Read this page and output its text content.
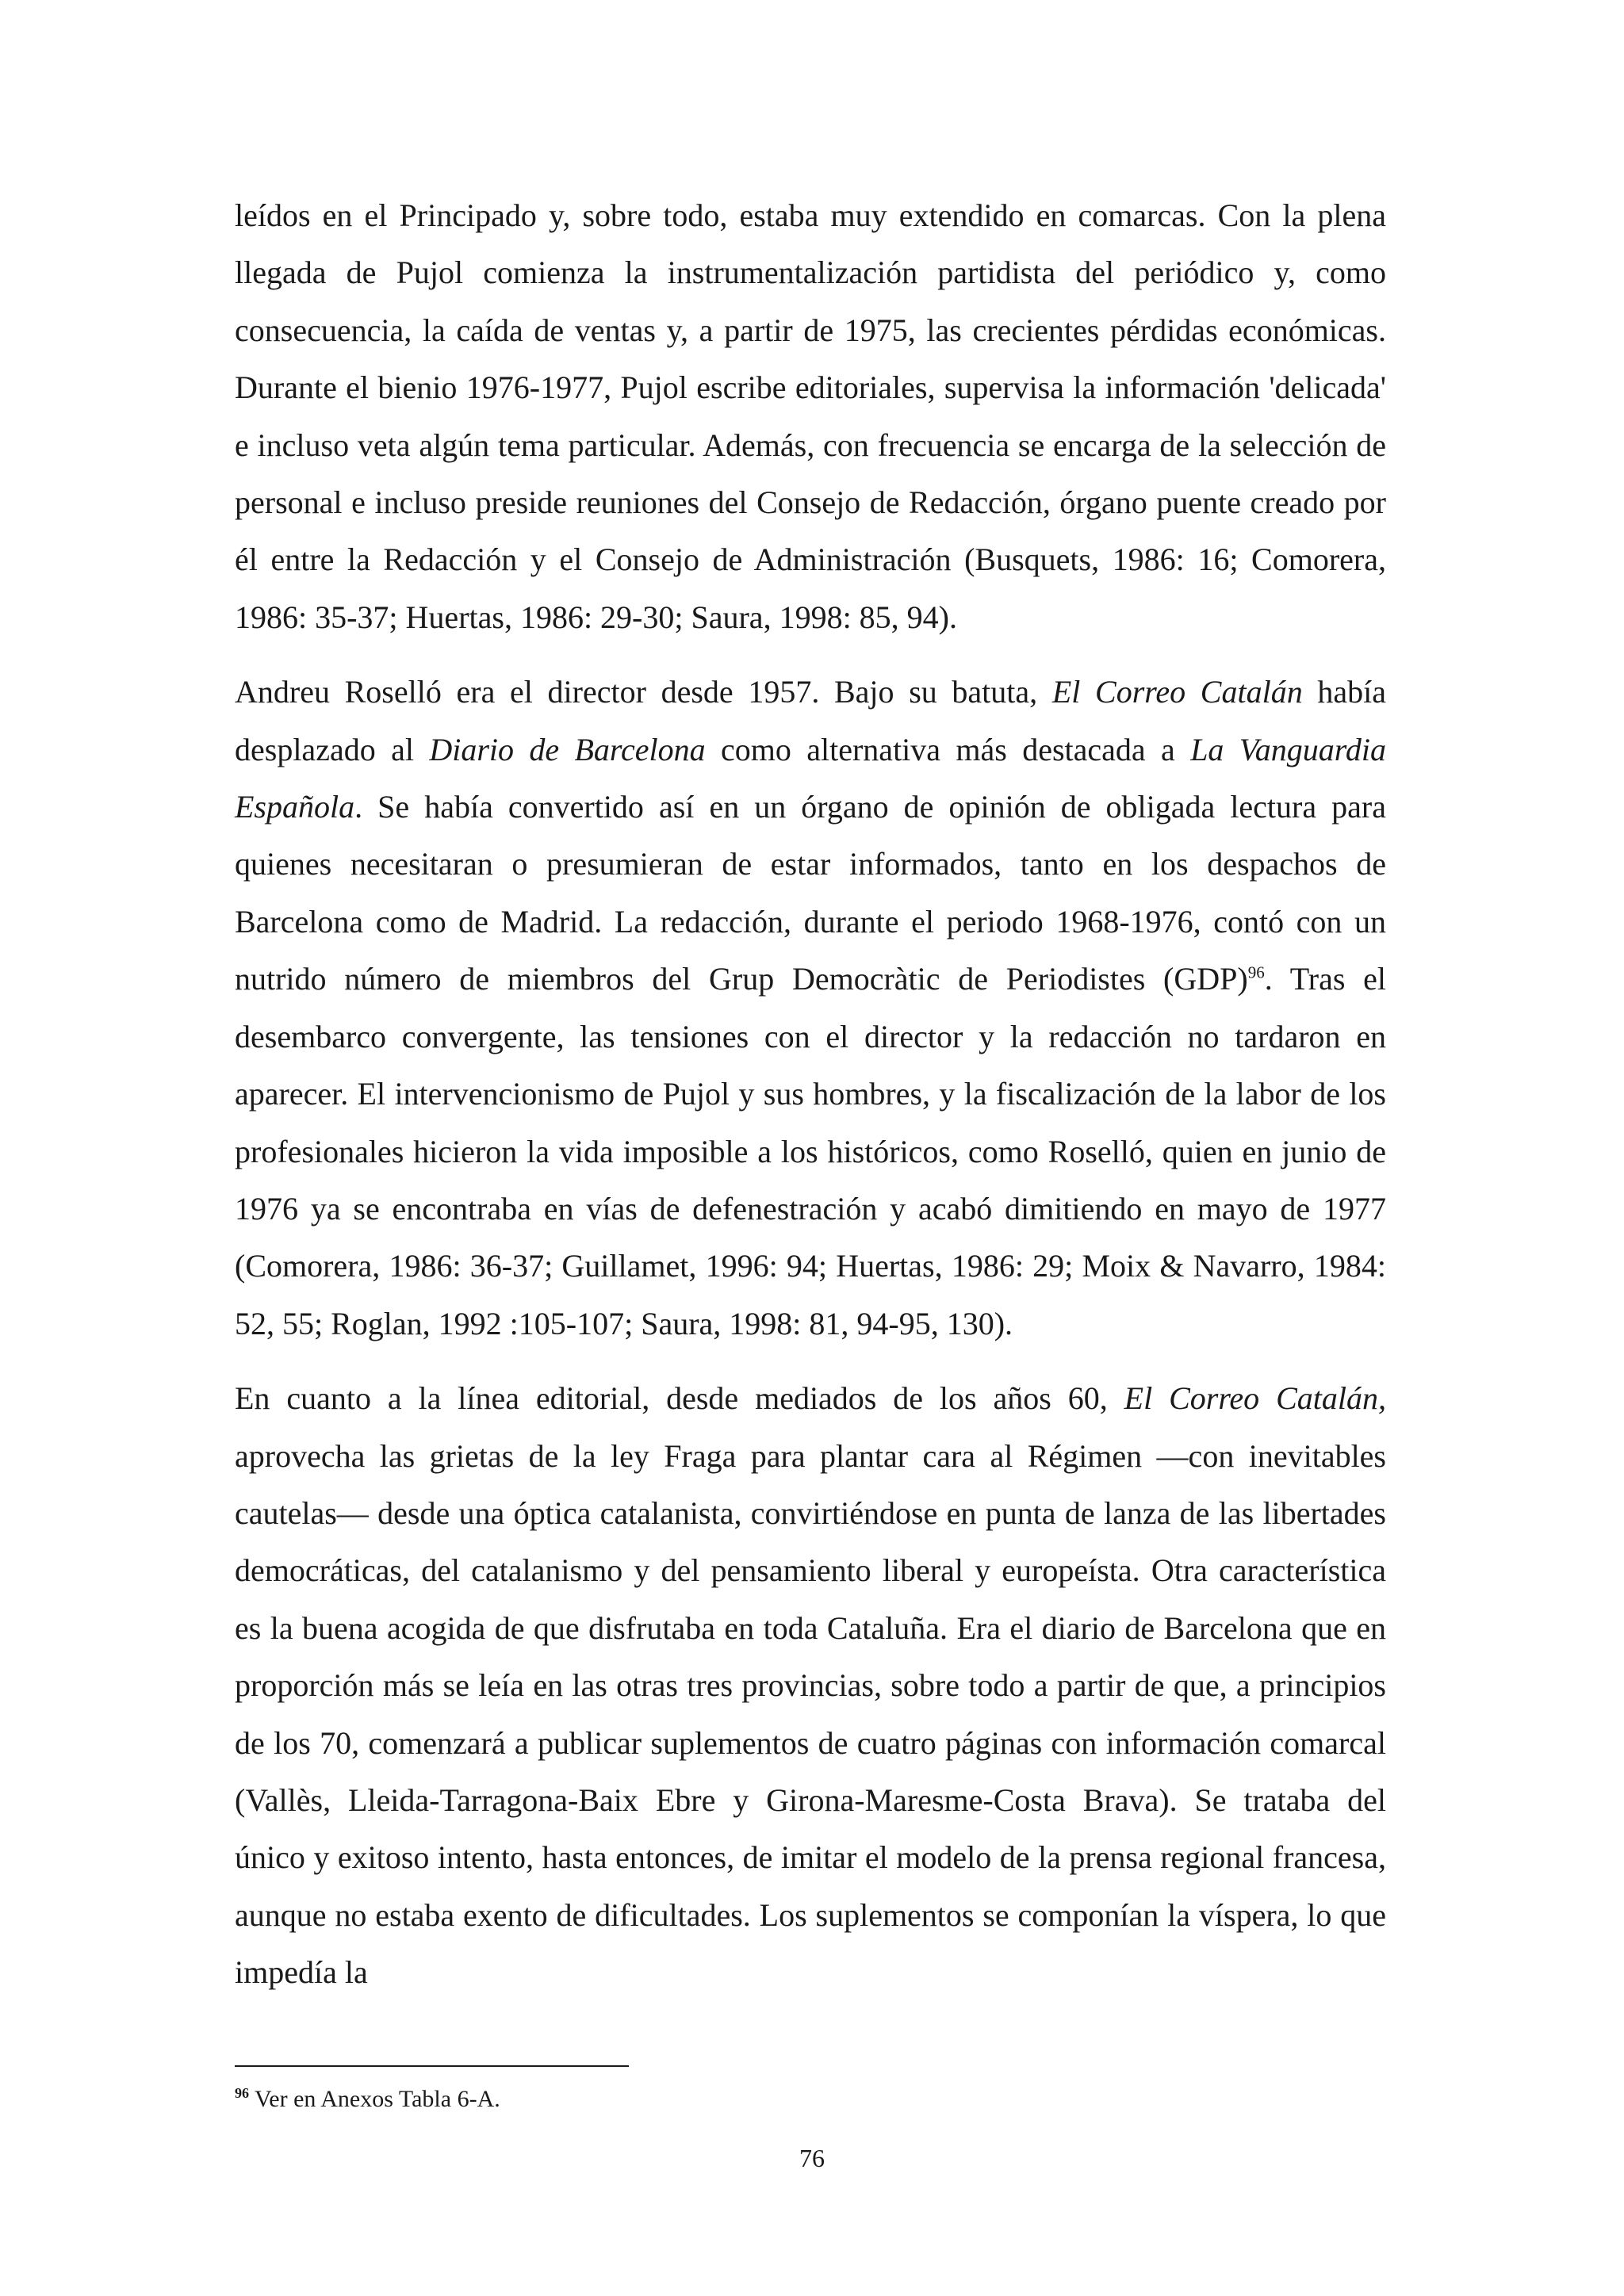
leídos en el Principado y, sobre todo, estaba muy extendido en comarcas. Con la plena llegada de Pujol comienza la instrumentalización partidista del periódico y, como consecuencia, la caída de ventas y, a partir de 1975, las crecientes pérdidas económicas. Durante el bienio 1976-1977, Pujol escribe editoriales, supervisa la información 'delicada' e incluso veta algún tema particular. Además, con frecuencia se encarga de la selección de personal e incluso preside reuniones del Consejo de Redacción, órgano puente creado por él entre la Redacción y el Consejo de Administración (Busquets, 1986: 16; Comorera, 1986: 35-37; Huertas, 1986: 29-30; Saura, 1998: 85, 94).

Andreu Roselló era el director desde 1957. Bajo su batuta, El Correo Catalán había desplazado al Diario de Barcelona como alternativa más destacada a La Vanguardia Española. Se había convertido así en un órgano de opinión de obligada lectura para quienes necesitaran o presumieran de estar informados, tanto en los despachos de Barcelona como de Madrid. La redacción, durante el periodo 1968-1976, contó con un nutrido número de miembros del Grup Democràtic de Periodistes (GDP)$^{96}$. Tras el desembarco convergente, las tensiones con el director y la redacción no tardaron en aparecer. El intervencionismo de Pujol y sus hombres, y la fiscalización de la labor de los profesionales hicieron la vida imposible a los históricos, como Roselló, quien en junio de 1976 ya se encontraba en vías de defenestración y acabó dimitiendo en mayo de 1977 (Comorera, 1986: 36-37; Guillamet, 1996: 94; Huertas, 1986: 29; Moix & Navarro, 1984: 52, 55; Roglan, 1992 :105-107; Saura, 1998: 81, 94-95, 130).

En cuanto a la línea editorial, desde mediados de los años 60, El Correo Catalán, aprovecha las grietas de la ley Fraga para plantar cara al Régimen —con inevitables cautelas— desde una óptica catalanista, convirtiéndose en punta de lanza de las libertades democráticas, del catalanismo y del pensamiento liberal y europeísta. Otra característica es la buena acogida de que disfrutaba en toda Cataluña. Era el diario de Barcelona que en proporción más se leía en las otras tres provincias, sobre todo a partir de que, a principios de los 70, comenzará a publicar suplementos de cuatro páginas con información comarcal (Vallès, Lleida-Tarragona-Baix Ebre y Girona-Maresme-Costa Brava). Se trataba del único y exitoso intento, hasta entonces, de imitar el modelo de la prensa regional francesa, aunque no estaba exento de dificultades. Los suplementos se componían la víspera, lo que impedía la

$^{96}$ Ver en Anexos Tabla 6-A.
76
